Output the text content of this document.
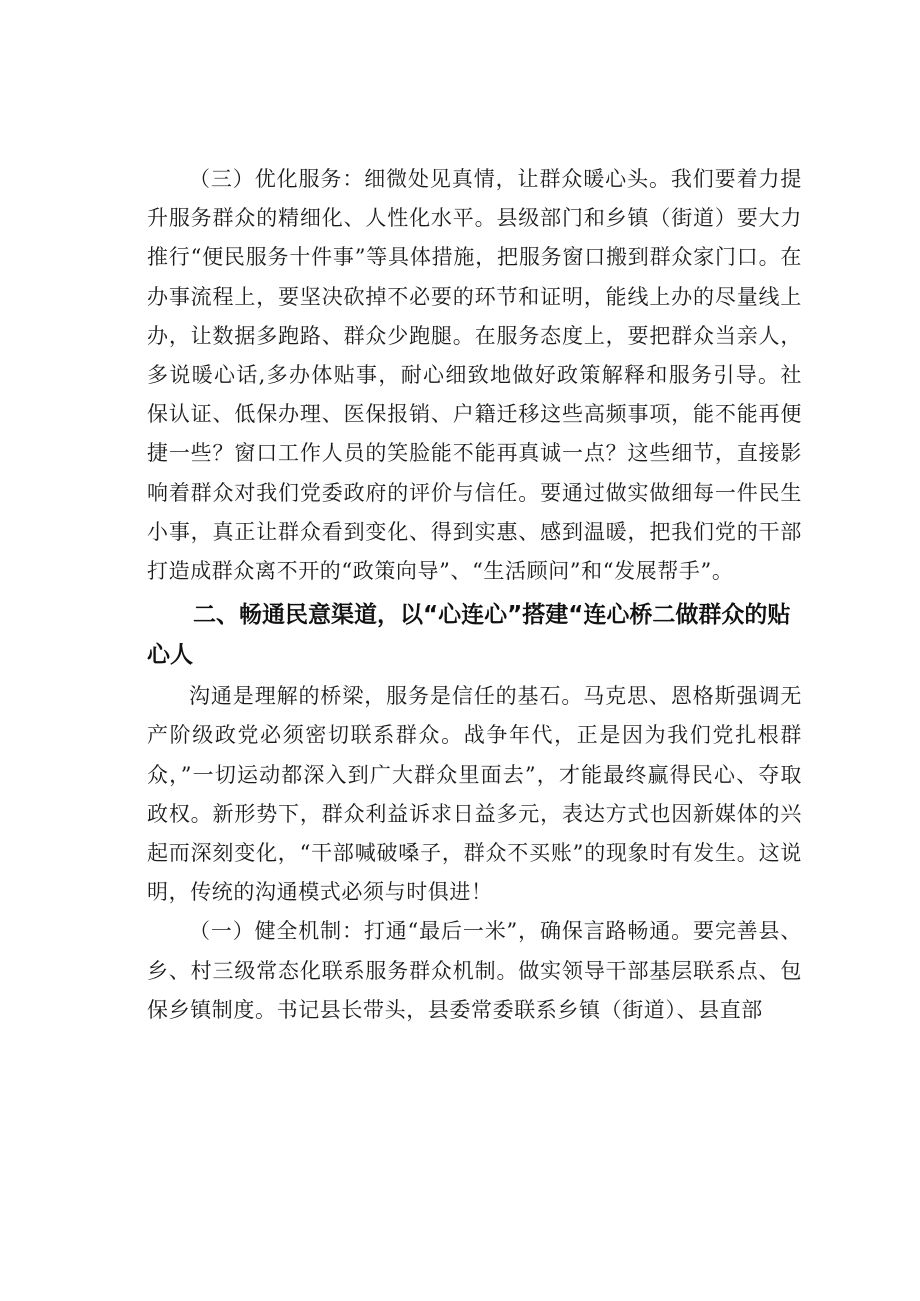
（三）优化服务：细微处见真情，让群众暖心头。我们要着力提升服务群众的精细化、人性化水平。县级部门和乡镇（街道）要大力推行“便民服务十件事”等具体措施，把服务窗口搬到群众家门口。在办事流程上，要坚决砍掉不必要的环节和证明，能线上办的尽量线上办，让数据多跑路、群众少跑腿。在服务态度上，要把群众当亲人，多说暖心话,多办体贴事，耐心细致地做好政策解释和服务引导。社保认证、低保办理、医保报销、户籍迁移这些高频事项，能不能再便捷一些？窗口工作人员的笑脸能不能再真诚一点？这些细节，直接影响着群众对我们党委政府的评价与信任。要通过做实做细每一件民生小事，真正让群众看到变化、得到实惠、感到温暖，把我们党的干部打造成群众离不开的“政策向导”、“生活顾问”和“发展帮手”。

二、畅通民意渠道，以“心连心”搭建“连心桥二做群众的贴心人

沟通是理解的桥梁，服务是信任的基石。马克思、恩格斯强调无产阶级政党必须密切联系群众。战争年代，正是因为我们党扎根群众，”一切运动都深入到广大群众里面去”，才能最终赢得民心、夺取政权。新形势下，群众利益诉求日益多元，表达方式也因新媒体的兴起而深刻变化，“干部喊破嗓子，群众不买账”的现象时有发生。这说明，传统的沟通模式必须与时俱进！

（一）健全机制：打通“最后一米”，确保言路畅通。要完善县、乡、村三级常态化联系服务群众机制。做实领导干部基层联系点、包保乡镇制度。书记县长带头，县委常委联系乡镇（街道）、县直部
